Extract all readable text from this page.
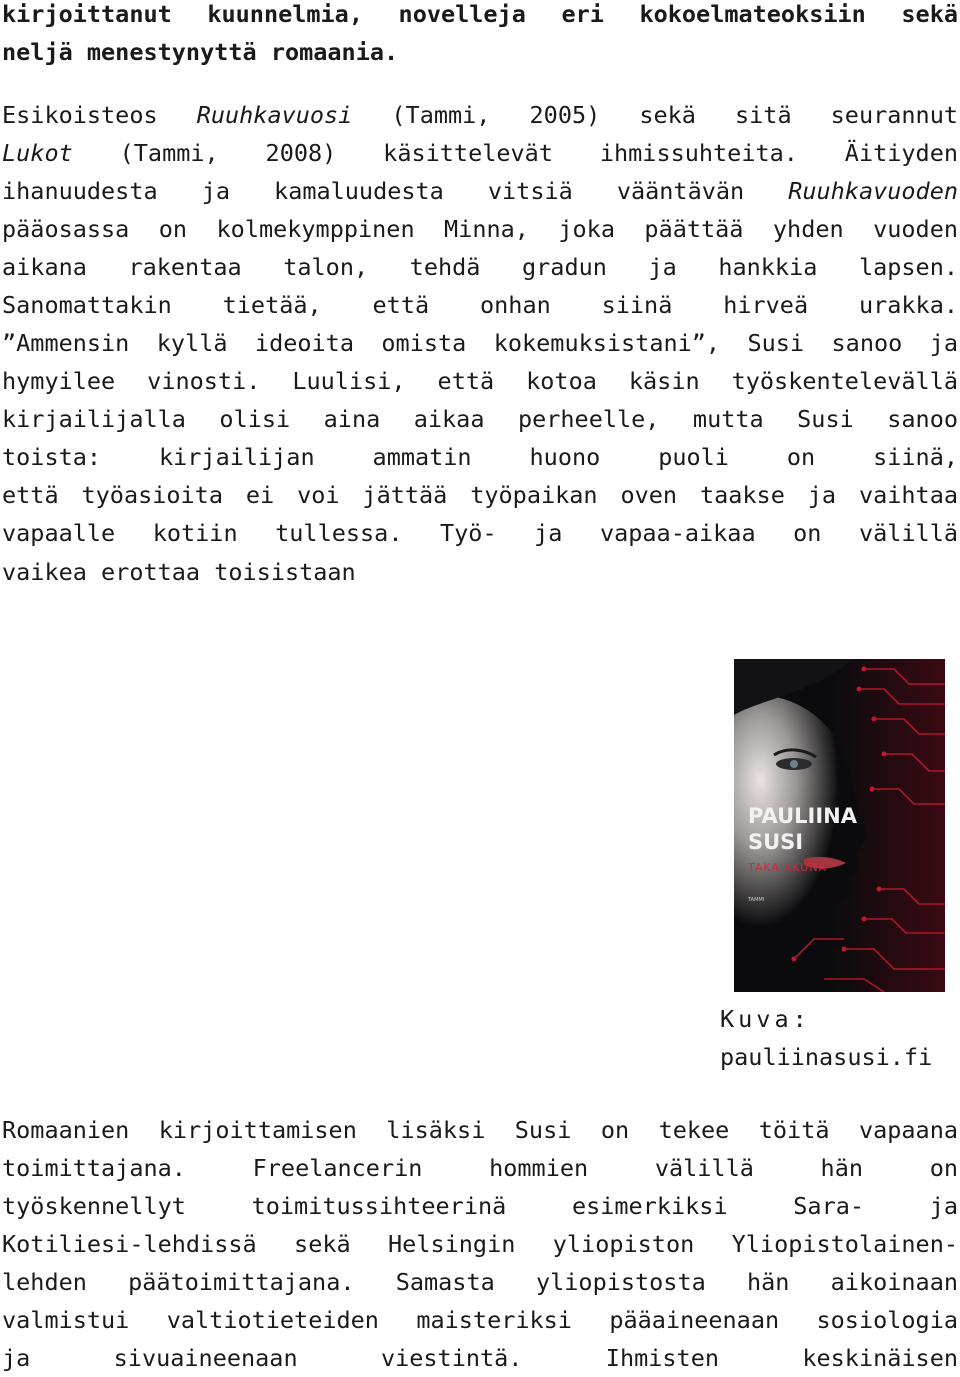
kirjoittanut kuunnelmia, novelleja eri kokoelmateoksiin sekä
neljä menestynyttä romaania.
Esikoisteos Ruuhkavuosi (Tammi, 2005) sekä sitä seurannut
Lukot (Tammi, 2008) käsittelevät ihmissuhteita. Äitiyden
ihanuudesta ja kamaluudesta vitsiä vääntävän Ruuhkavuoden
pääosassa on kolmekymppinen Minna, joka päättää yhden vuoden
aikana rakentaa talon, tehdä gradun ja hankkia lapsen.
Sanomattakin tietää, että onhan siinä hirveä urakka.
”Ammensin kyllä ideoita omista kokemuksistani”, Susi sanoo ja
hymyilee vinosti. Luulisi, että kotoa käsin työskentelevällä
kirjailijalla olisi aina aikaa perheelle, mutta Susi sanoo
toista: kirjailijan ammatin huono puoli on siinä,
että työasioita ei voi jättää työpaikan oven taakse ja vaihtaa
vapaalle kotiin tullessa. Työ- ja vapaa-aikaa on välillä
vaikea erottaa toisistaan
PAULIINA
SUSI
TAKAIKKUNA
TAMMI
Kuva:
pauliinasusi.fi
Romaanien kirjoittamisen lisäksi Susi on tekee töitä vapaana
toimittajana. Freelancerin hommien välillä hän on
työskennellyt toimitussihteerinä esimerkiksi Sara- ja
Kotiliesi-lehdissä sekä Helsingin yliopiston Yliopistolainen-
lehden päätoimittajana. Samasta yliopistosta hän aikoinaan
valmistui valtiotieteiden maisteriksi pääaineenaan sosiologia
ja sivuaineenaan viestintä. Ihmisten keskinäisen
